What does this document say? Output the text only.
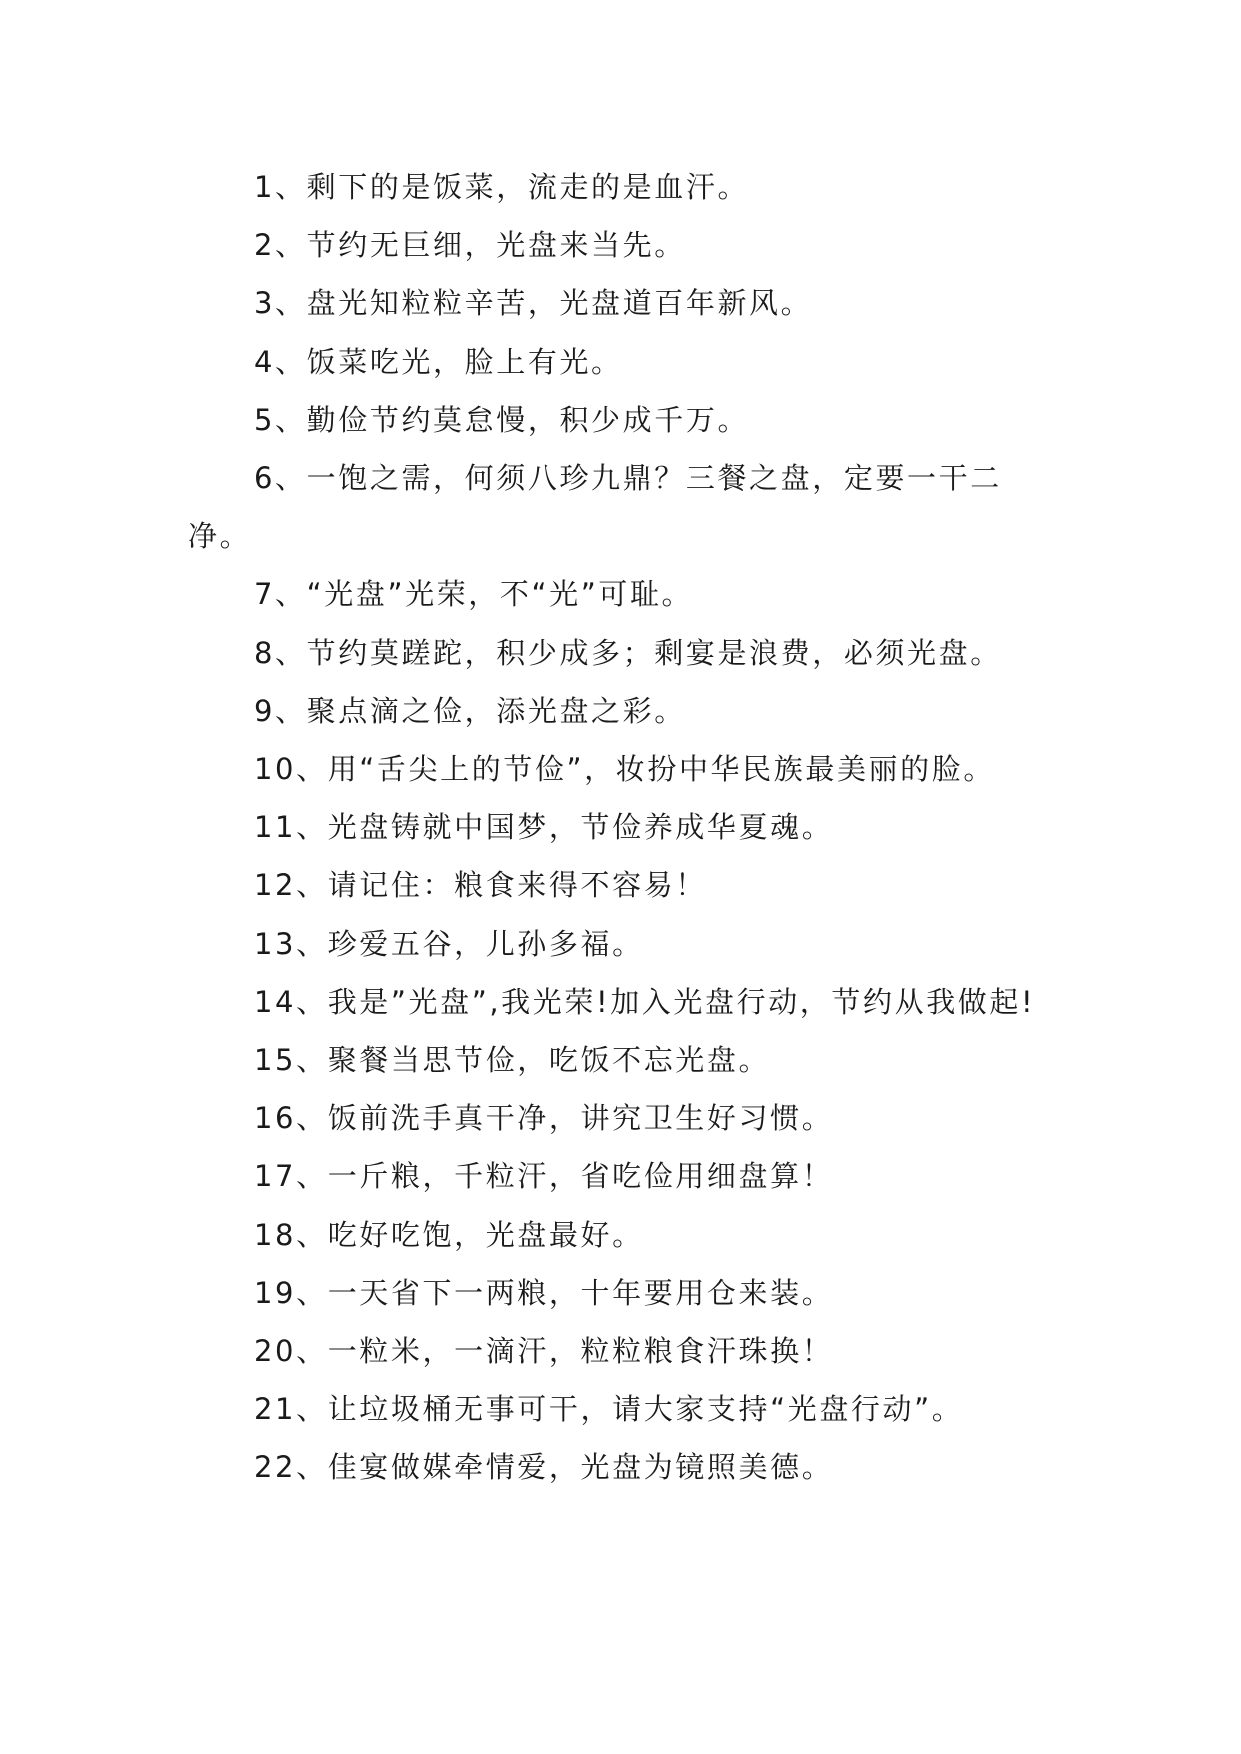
1、剩下的是饭菜，流走的是血汗。

2、节约无巨细，光盘来当先。

3、盘光知粒粒辛苦，光盘道百年新风。

4、饭菜吃光，脸上有光。

5、勤俭节约莫怠慢，积少成千万。

6、一饱之需，何须八珍九鼎？三餐之盘，定要一干二净。

7、“光盘”光荣，不“光”可耻。

8、节约莫蹉跎，积少成多；剩宴是浪费，必须光盘。

9、聚点滴之俭，添光盘之彩。

10、用“舌尖上的节俭”，妆扮中华民族最美丽的脸。

11、光盘铸就中国梦，节俭养成华夏魂。

12、请记住：粮食来得不容易！

13、珍爱五谷，儿孙多福。

14、我是”光盘”,我光荣!加入光盘行动，节约从我做起!

15、聚餐当思节俭，吃饭不忘光盘。

16、饭前洗手真干净，讲究卫生好习惯。

17、一斤粮，千粒汗，省吃俭用细盘算！

18、吃好吃饱，光盘最好。

19、一天省下一两粮，十年要用仓来装。

20、一粒米，一滴汗，粒粒粮食汗珠换！

21、让垃圾桶无事可干，请大家支持“光盘行动”。

22、佳宴做媒牵情爱，光盘为镜照美德。
